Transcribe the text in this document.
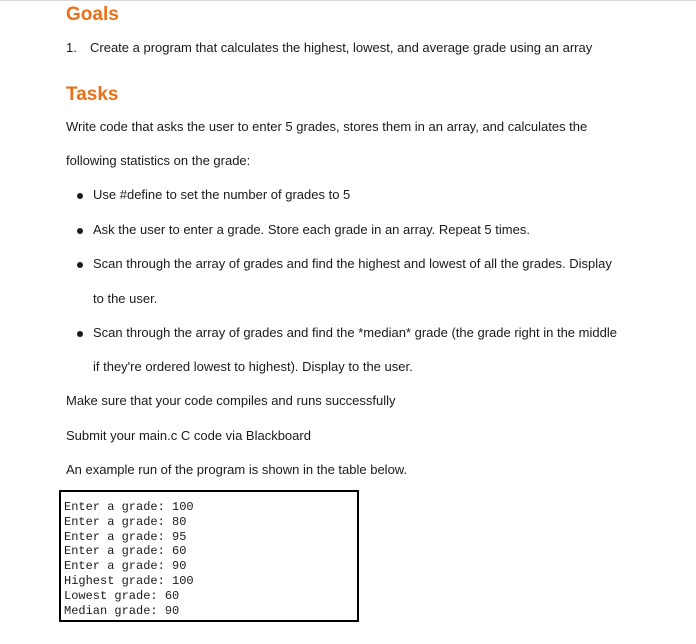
Goals
1. Create a program that calculates the highest, lowest, and average grade using an array

Tasks

Write code that asks the user to enter 5 grades, stores them in an array, and calculates the

following statistics on the grade:

Use #define to set the number of grades to 5

Ask the user to enter a grade. Store each grade in an array. Repeat 5 times.

Scan through the array of grades and find the highest and lowest of all the grades. Display

to the user.

Scan through the array of grades and find the *median* grade (the grade right in the middle

if they're ordered lowest to highest). Display to the user.

Make sure that your code compiles and runs successfully

Submit your main.c C code via Blackboard

An example run of the program is shown in the table below.

Enter a grade: 100

Enter a grade: 80

Enter a grade: 95

Enter a grade: 60

Enter a grade: 90

Highest grade: 100

Lowest grade: 60

Median grade: 90
